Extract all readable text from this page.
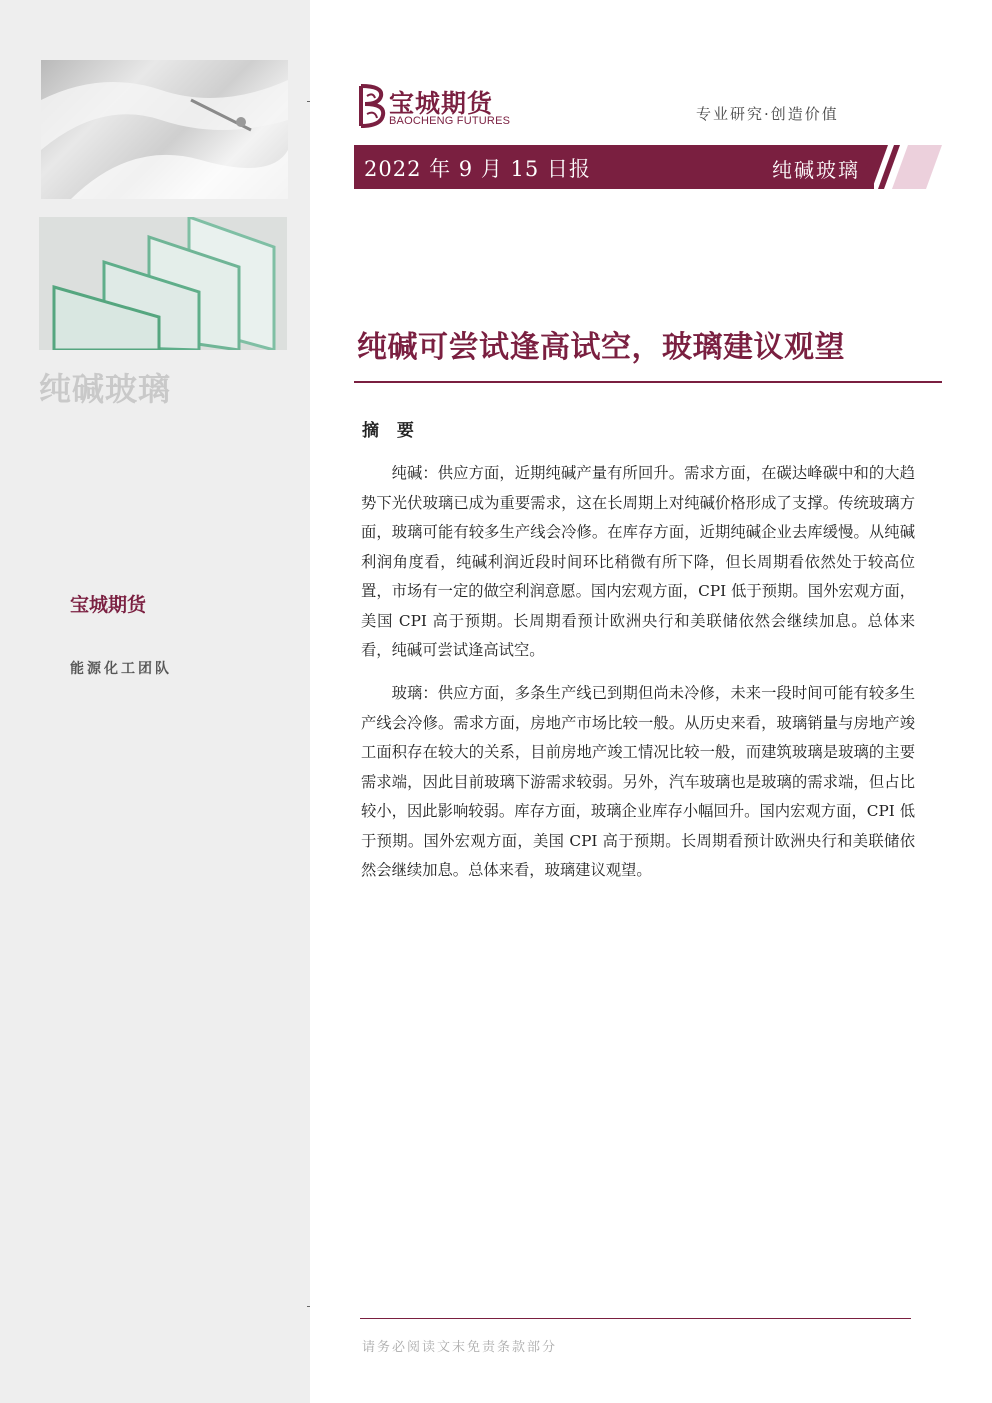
纯碱玻璃
宝城期货
能源化工团队
宝城期货
BAOCHENG FUTURES	专业研究·创造价值
2022 年 9 月 15 日报	纯碱玻璃
纯碱可尝试逢高试空，玻璃建议观望
摘 要

纯碱：供应方面，近期纯碱产量有所回升。需求方面，在碳达峰碳中和的大趋势下光伏玻璃已成为重要需求，这在长周期上对纯碱价格形成了支撑。传统玻璃方面，玻璃可能有较多生产线会冷修。在库存方面，近期纯碱企业去库缓慢。从纯碱利润角度看，纯碱利润近段时间环比稍微有所下降，但长周期看依然处于较高位置，市场有一定的做空利润意愿。国内宏观方面，CPI 低于预期。国外宏观方面，美国 CPI 高于预期。长周期看预计欧洲央行和美联储依然会继续加息。总体来看，纯碱可尝试逢高试空。

玻璃：供应方面，多条生产线已到期但尚未冷修，未来一段时间可能有较多生产线会冷修。需求方面，房地产市场比较一般。从历史来看，玻璃销量与房地产竣工面积存在较大的关系，目前房地产竣工情况比较一般，而建筑玻璃是玻璃的主要需求端，因此目前玻璃下游需求较弱。另外，汽车玻璃也是玻璃的需求端，但占比较小，因此影响较弱。库存方面，玻璃企业库存小幅回升。国内宏观方面，CPI 低于预期。国外宏观方面，美国 CPI 高于预期。长周期看预计欧洲央行和美联储依然会继续加息。总体来看，玻璃建议观望。

请务必阅读文末免责条款部分
